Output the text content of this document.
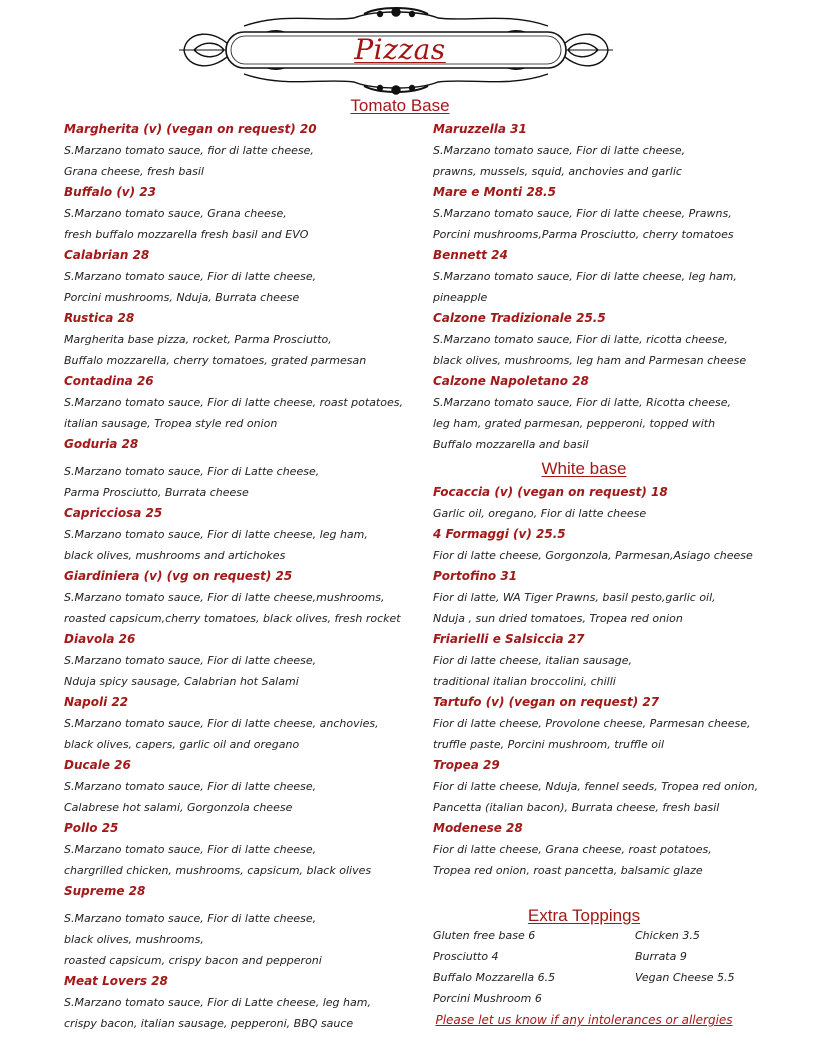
Pizzas
Tomato Base
White base
Extra Toppings
Margherita (v) (vegan on request) 20
S.Marzano tomato sauce, fior di latte cheese,
Grana cheese, fresh basil
Buffalo (v) 23
S.Marzano tomato sauce, Grana cheese,
fresh buffalo mozzarella fresh basil and EVO
Calabrian 28
S.Marzano tomato sauce, Fior di latte cheese,
Porcini mushrooms, Nduja, Burrata cheese
Rustica 28
Margherita base pizza, rocket, Parma Prosciutto,
Buffalo mozzarella, cherry tomatoes, grated parmesan
Contadina 26
S.Marzano tomato sauce, Fior di latte cheese, roast potatoes,
italian sausage, Tropea style red onion
Goduria 28
S.Marzano tomato sauce, Fior di Latte cheese,
Parma Prosciutto, Burrata cheese
Capricciosa 25
S.Marzano tomato sauce, Fior di latte cheese, leg ham,
black olives, mushrooms and artichokes
Giardiniera (v) (vg on request) 25
S.Marzano tomato sauce, Fior di latte cheese,mushrooms,
roasted capsicum,cherry tomatoes, black olives, fresh rocket
Diavola 26
S.Marzano tomato sauce, Fior di latte cheese,
Nduja spicy sausage, Calabrian hot Salami
Napoli 22
S.Marzano tomato sauce, Fior di latte cheese, anchovies,
black olives, capers, garlic oil and oregano
Ducale 26
S.Marzano tomato sauce, Fior di latte cheese,
Calabrese hot salami, Gorgonzola cheese
Pollo 25
S.Marzano tomato sauce, Fior di latte cheese,
chargrilled chicken, mushrooms, capsicum, black olives
Supreme 28
S.Marzano tomato sauce, Fior di latte cheese,
black olives, mushrooms,
roasted capsicum, crispy bacon and pepperoni
Meat Lovers 28
S.Marzano tomato sauce, Fior di Latte cheese, leg ham,
crispy bacon, italian sausage, pepperoni, BBQ sauce
Maruzzella 31
S.Marzano tomato sauce, Fior di latte cheese,
prawns, mussels, squid, anchovies and garlic
Mare e Monti 28.5
S.Marzano tomato sauce, Fior di latte cheese, Prawns,
Porcini mushrooms,Parma Prosciutto, cherry tomatoes
Bennett 24
S.Marzano tomato sauce, Fior di latte cheese, leg ham,
pineapple
Calzone Tradizionale 25.5
S.Marzano tomato sauce, Fior di latte, ricotta cheese,
black olives, mushrooms, leg ham and Parmesan cheese
Calzone Napoletano 28
S.Marzano tomato sauce, Fior di latte, Ricotta cheese,
leg ham, grated parmesan, pepperoni, topped with
Buffalo mozzarella and basil
Focaccia (v) (vegan on request) 18
Garlic oil, oregano, Fior di latte cheese
4 Formaggi (v) 25.5
Fior di latte cheese, Gorgonzola, Parmesan,Asiago cheese
Portofino 31
Fior di latte, WA Tiger Prawns, basil pesto,garlic oil,
Nduja , sun dried tomatoes, Tropea red onion
Friarielli e Salsiccia 27
Fior di latte cheese, italian sausage,
traditional italian broccolini, chilli
Tartufo (v) (vegan on request) 27
Fior di latte cheese, Provolone cheese, Parmesan cheese,
truffle paste, Porcini mushroom, truffle oil
Tropea 29
Fior di latte cheese, Nduja, fennel seeds, Tropea red onion,
Pancetta (italian bacon), Burrata cheese, fresh basil
Modenese 28
Fior di latte cheese, Grana cheese, roast potatoes,
Tropea red onion, roast pancetta, balsamic glaze
Gluten free base 6
Prosciutto 4
Buffalo Mozzarella 6.5
Porcini Mushroom 6
Chicken 3.5
Burrata 9
Vegan Cheese 5.5
Please let us know if any intolerances or allergies
